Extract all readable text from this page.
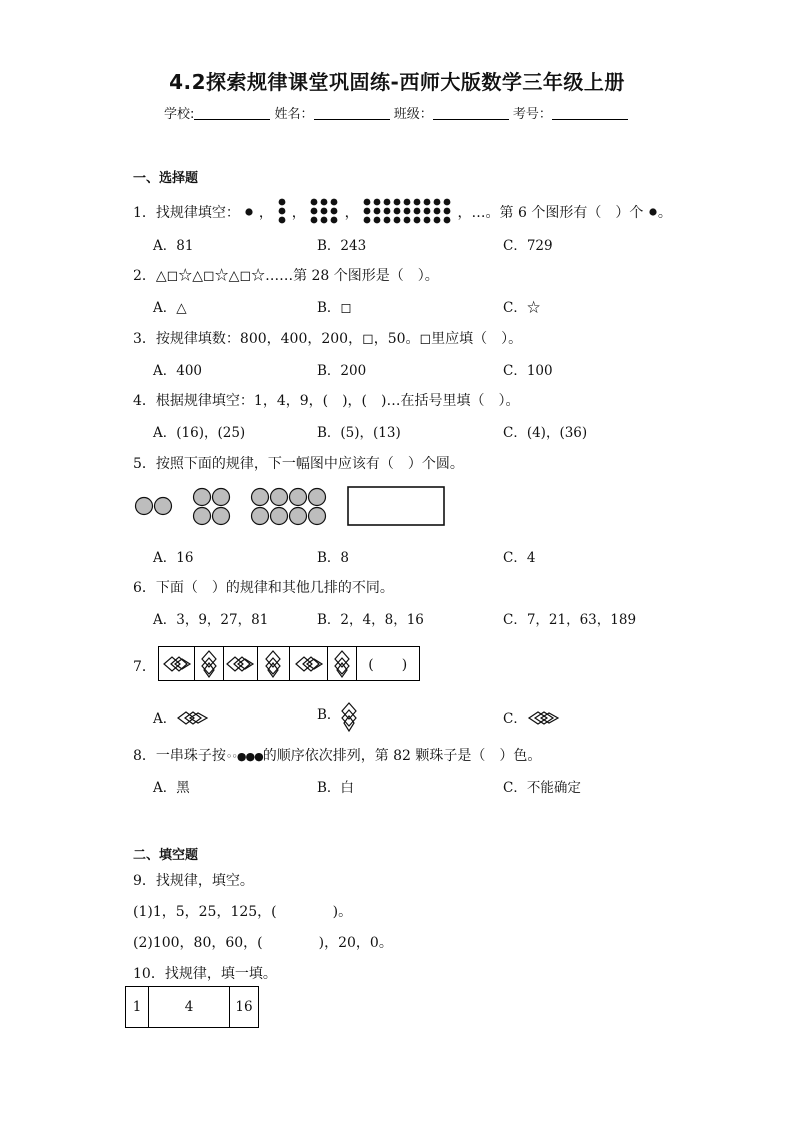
4.2探索规律课堂巩固练-西师大版数学三年级上册
学校:	姓名：	班级：	考号：
一、选择题
1．找规律填空： ， ，	，	，…。第 6 个图形有（　）个 。
A．81	B．243	C．729
2．△◻☆△◻☆△◻☆……第 28 个图形是（　）。
A．△	B．◻	C．☆
3．按规律填数：800，400，200，◻，50。◻里应填（　）。
A．400	B．200	C．100
4．根据规律填空：1，4，9，(　)，(　)…在括号里填（　）。
A．(16)，(25)	B．(5)，(13)	C．(4)，(36)
5．按照下面的规律，下一幅图中应该有（　）个圆。
A．16	B．8	C．4
6．下面（　）的规律和其他几排的不同。
A．3，9，27，81	B．2，4，8，16	C．7，21，63，189
7．	(　　)
A．	B．	C．
8．一串珠子按◦◦●●●的顺序依次排列，第 82 颗珠子是（　）色。
A．黑	B．白	C．不能确定
二、填空题
9．找规律，填空。
(1)1，5，25，125，(　　　　)。
(2)100，80，60，(　　　　)，20，0。
10．找规律，填一填。
1	4	16
